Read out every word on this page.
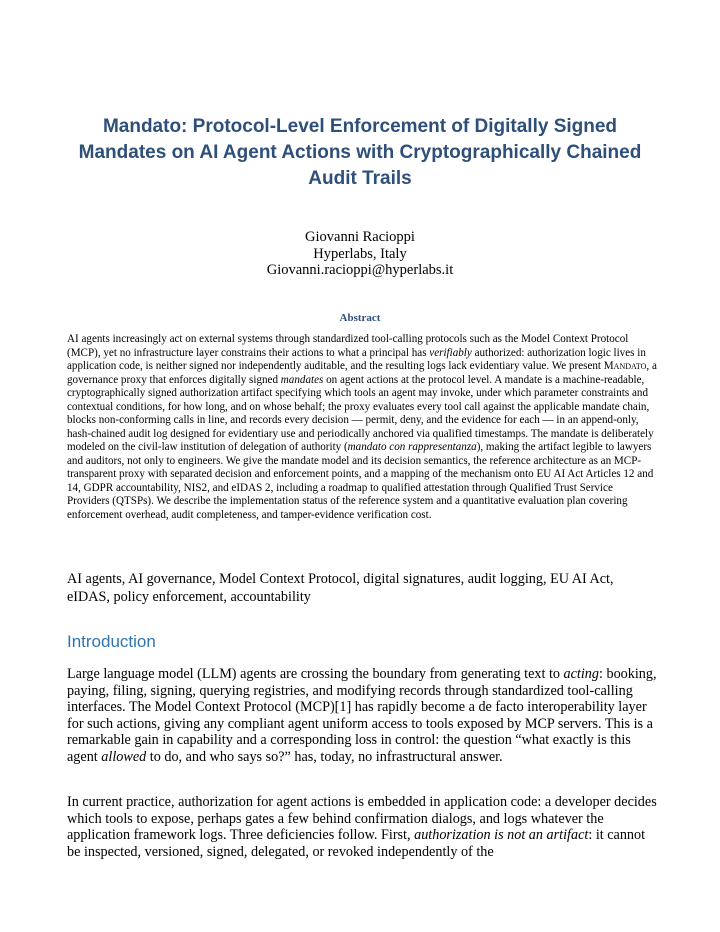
Mandato: Protocol-Level Enforcement of Digitally Signed Mandates on AI Agent Actions with Cryptographically Chained Audit Trails
Giovanni Racioppi
Hyperlabs, Italy
Giovanni.racioppi@hyperlabs.it
Abstract

AI agents increasingly act on external systems through standardized tool-calling protocols such as the Model Context Protocol (MCP), yet no infrastructure layer constrains their actions to what a principal has verifiably authorized: authorization logic lives in application code, is neither signed nor independently auditable, and the resulting logs lack evidentiary value. We present Mandato, a governance proxy that enforces digitally signed mandates on agent actions at the protocol level. A mandate is a machine-readable, cryptographically signed authorization artifact specifying which tools an agent may invoke, under which parameter constraints and contextual conditions, for how long, and on whose behalf; the proxy evaluates every tool call against the applicable mandate chain, blocks non-conforming calls in line, and records every decision — permit, deny, and the evidence for each — in an append-only, hash-chained audit log designed for evidentiary use and periodically anchored via qualified timestamps. The mandate is deliberately modeled on the civil-law institution of delegation of authority (mandato con rappresentanza), making the artifact legible to lawyers and auditors, not only to engineers. We give the mandate model and its decision semantics, the reference architecture as an MCP-transparent proxy with separated decision and enforcement points, and a mapping of the mechanism onto EU AI Act Articles 12 and 14, GDPR accountability, NIS2, and eIDAS 2, including a roadmap to qualified attestation through Qualified Trust Service Providers (QTSPs). We describe the implementation status of the reference system and a quantitative evaluation plan covering enforcement overhead, audit completeness, and tamper-evidence verification cost.

AI agents, AI governance, Model Context Protocol, digital signatures, audit logging, EU AI Act, eIDAS, policy enforcement, accountability

Introduction

Large language model (LLM) agents are crossing the boundary from generating text to acting: booking, paying, filing, signing, querying registries, and modifying records through standardized tool-calling interfaces. The Model Context Protocol (MCP)[1] has rapidly become a de facto interoperability layer for such actions, giving any compliant agent uniform access to tools exposed by MCP servers. This is a remarkable gain in capability and a corresponding loss in control: the question “what exactly is this agent allowed to do, and who says so?” has, today, no infrastructural answer.

In current practice, authorization for agent actions is embedded in application code: a developer decides which tools to expose, perhaps gates a few behind confirmation dialogs, and logs whatever the application framework logs. Three deficiencies follow. First, authorization is not an artifact: it cannot be inspected, versioned, signed, delegated, or revoked independently of the
